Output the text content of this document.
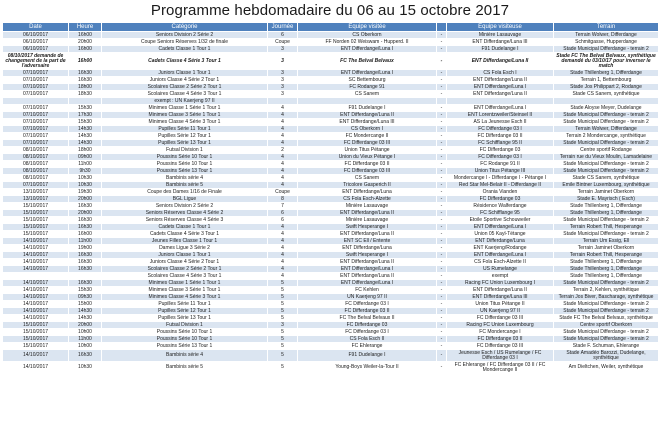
Programme hebdomadaire du 06 au 15 octobre 2017
Date	Heure	Catégorie	Journée	Equipe visitée		Equipe visiteuse	Terrain
06/10/2017	16h00	Seniors Division 2 Série 2	6	CS Oberkorn	-	Minière Lasauvage	Terrain Wolwer, Differdange
06/10/2017	20h00	Coupe Seniors Réserves 1/32 de finale	Coupe	FF Norden 02 Weiswam - Hupperd. II	-	ENT Differdange/Luna III	Schmitgasse, Hupperdange
06/10/2017	16h00	Cadets Classe 1 Tour 1	3	ENT Differdange/Luna I	-	F91 Dudelange I	Stade Municipal Differdange - terrain 2
08/10/2017 demande de changement de la part de l'adversaire	16h00	Cadets Classe 4 Série 3 Tour 1	3	FC The Belval Belvaux	-	ENT Differdange/Luna II	Stade FC The Belval Belvaux, synthétique demandé du 03/10/17 pour inverser le match
07/10/2017	16h30	Juniors Classe 1 Tour 1	3	ENT Differdange/Luna I	-	CS Fola Esch I	Stade Thillenberg 1, Differdange
07/10/2017	16h30	Juniors Classe 4 Série 2 Tour 1	3	SC Bettembourg	-	ENT Differdange/Luna II	Terrain 1, Bettembourg
07/10/2017	18h00	Scolaires Classe 2 Série 2 Tour 1	3	FC Rodange 91	-	ENT Differdange/Luna I	Stade Jos Philippart 2, Rodange
07/10/2017	18h30	Scolaires Classe 4 Série 3 Tour 1	3	CS Sanem	-	ENT Differdange/Luna II	Stade CS Sanem, synthétique
		exempt : UN Kaerjeng 97 II					
07/10/2017	15h30	Minimes Classe 1 Série 1 Tour 1	4	F91 Dudelange I	-	ENT Differdange/Luna I	Stade Aloyse Meyer, Dudelange
07/10/2017	17h30	Minimes Classe 3 Série 1 Tour 1	4	ENT Differdange/Luna II	-	ENT Lorentzweiler/Steinsel II	Stade Municipal Differdange - terrain 2
07/10/2017	15h30	Minimes Classe 4 Série 3 Tour 1	4	ENT Differdange/Luna III	-	AS La Jeunesse Esch II	Stade Municipal Differdange - terrain 2
07/10/2017	14h30	Pupilles Série 11 Tour 1	4	CS Oberkorn I	-	FC Differdange 03 I	Terrain Wolwer, Differdange
07/10/2017	14h30	Pupilles Série 12 Tour 1	4	FC Mondercange II	-	FC Differdange 03 II	Terrain 2 Mondercange, synthétique
07/10/2017	14h30	Pupilles Série 13 Tour 1	4	FC Differdange 03 III	-	FC Schifflange 95 II	Stade Municipal Differdange - terrain 2
08/10/2017	18h00	Futsal Division 1	2	Union Titus Pétange	-	FC Differdange 03	Centre sportif Rodange
08/10/2017	09h00	Poussins Série 10 Tour 1	4	Union du Vieux Pétange I	-	FC Differdange 03 I	Terrain rue du Vieux Moulin, Lamadelaine
08/10/2017	11h00	Poussins Série 10 Tour 1	4	FC Differdange 03 II	-	FC Rodange 91 II	Stade Municipal Differdange - terrain 2
08/10/2017	9h30	Poussins Série 13 Tour 1	4	FC Differdange 03 III	-	Union Titus Pétange III	Stade Municipal Differdange - terrain 2
08/10/2017	10h30	Bambinis série 4	4	CS Sanem	-	Mondercange I - Differdange I - Pétange I	Stade CS Sanem, synthétique
07/10/2017	10h30	Bambinis série 5	4	Tricolore Gasperich II	-	Red Star Mel-Belair II - Differdange II	Emile Bintner Luxembourg, synthétique
13/10/2017	19h30	Coupe des Dames 1/16 de Finale	Coupe	ENT Differdange/Luna	-	Orania Vianden	Terrain Jaminet Oberkorn
13/10/2017	20h00	BGL Ligue	8	CS Fola Esch-Alzette	-	FC Differdange 03	Stade E. Mayrisch ( Esch)
15/10/2017	16h30	Seniors Division 2 Série 2	7	Minière Lasauvage	-	Résidence Walferdange	Stade Thillenberg 1, Differdange
15/10/2017	20h00	Seniors Réserves Classe 4 Série 2	6	ENT Differdange/Luna II	-	FC Schifflange 95	Stade Thillenberg 1, Differdange
15/10/2017	16h30	Seniors Réserves Classe 4 Série 3	6	Minière Lasauvage	-	Etoile Sportive Schouweiler	Stade Municipal Differdange - terrain 2
15/10/2017	16h30	Cadets Classe 1 Tour 1	4	Swift Hesperange I	-	ENT Differdange/Luna I	Terrain Robert Thill, Hesperange
15/10/2017	16h00	Cadets Classe 4 Série 3 Tour 1	4	ENT Differdange/Luna II	-	Union 05 Kayl-Tétange	Stade Municipal Differdange - terrain 2
14/10/2017	11h00	Jeunes Filles Classe 1 Tour 1	4	ENT SC Ell / Entente	-	ENT Differdange/Luna	Terrain Um Essig, Ell
14/10/2017	19h00	Dames Ligue 3 Série 2	4	ENT Differdange/Luna	-	ENT Kaerjeng/Rodange	Terrain Jaminet Oberkorn
14/10/2017	16h30	Juniors Classe 1 Tour 1	4	Swift Hesperange I	-	ENT Differdange/Luna I	Terrain Robert Thill, Hesperange
14/10/2017	16h30	Juniors Classe 4 Série 2 Tour 1	4	ENT Differdange/Luna II	-	CS Fola Esch-Alzette II	Stade Thillenberg 1, Differdange
14/10/2017	16h30	Scolaires Classe 2 Série 2 Tour 1	4	ENT Differdange/Luna I	-	US Rumelange	Stade Thillenberg 1, Differdange
		Scolaires Classe 4 Série 3 Tour 1	4	ENT Differdange/Luna II	-	exempt	Stade Thillenberg 1, Differdange
14/10/2017	16h30	Minimes Classe 1 Série 1 Tour 1	5	ENT Differdange/Luna I	-	Racing FC Union Luxembourg I	Stade Municipal Differdange - terrain 2
14/10/2017	15h30	Minimes Classe 3 Série 1 Tour 1	5	FC Kehlen	-	ENT Differdange/Luna II	Terrain 2, Kehlen, synthétique
14/10/2017	09h30	Minimes Classe 4 Série 3 Tour 1	5	UN Kaerjeng 97 II	-	ENT Differdange/Luna III	Terrain Jos Biver, Bascharage, synthétique
14/10/2017	15h00	Pupilles Série 11 Tour 1	5	FC Differdange 03 I	-	Union Titus Pétange II	Stade Municipal Differdange - terrain 2
14/10/2017	14h30	Pupilles Série 12 Tour 1	5	FC Differdange 03 II	-	UN Kaerjeng 97 II	Stade Municipal Differdange - terrain 2
14/10/2017	14h30	Pupilles Série 13 Tour 1	5	FC The Belval Belvaux II	-	FC Differdange 03 III	Stade FC The Belval Belvaux, synthétique
15/10/2017	20h00	Futsal Division 1	3	FC Differdange 03	-	Racing FC Union Luxembourg	Centre sportif Oberkorn
15/10/2017	10h00	Poussins Série 10 Tour 1	5	FC Differdange 03 I	-	FC Mondercange I	Stade Municipal Differdange - terrain 2
15/10/2017	11h00	Poussins Série 10 Tour 1	5	CS Fola Esch II	-	FC Differdange 03 II	Stade Municipal Differdange - terrain 2
15/10/2017	10h00	Poussins Série 13 Tour 1	5	FC Ehlerange	-	FC Differdange 03 III	Stade F. Schuman, Ehlerange
14/10/2017	16h30	Bambinis série 4	5	F91 Dudelange I	-	Jeunesse Esch / US Rumelange / FC Differdange 03 I	Stade Amadéo Barozzi, Dudelange, synthétique
14/10/2017	10h30	Bambinis série 5	5	Young-Boys Weiler-la-Tour II	-	FC Ehlerange / FC Differdange 03 II / FC Mondercange II	Am Dieltchen, Weiler, synthétique
